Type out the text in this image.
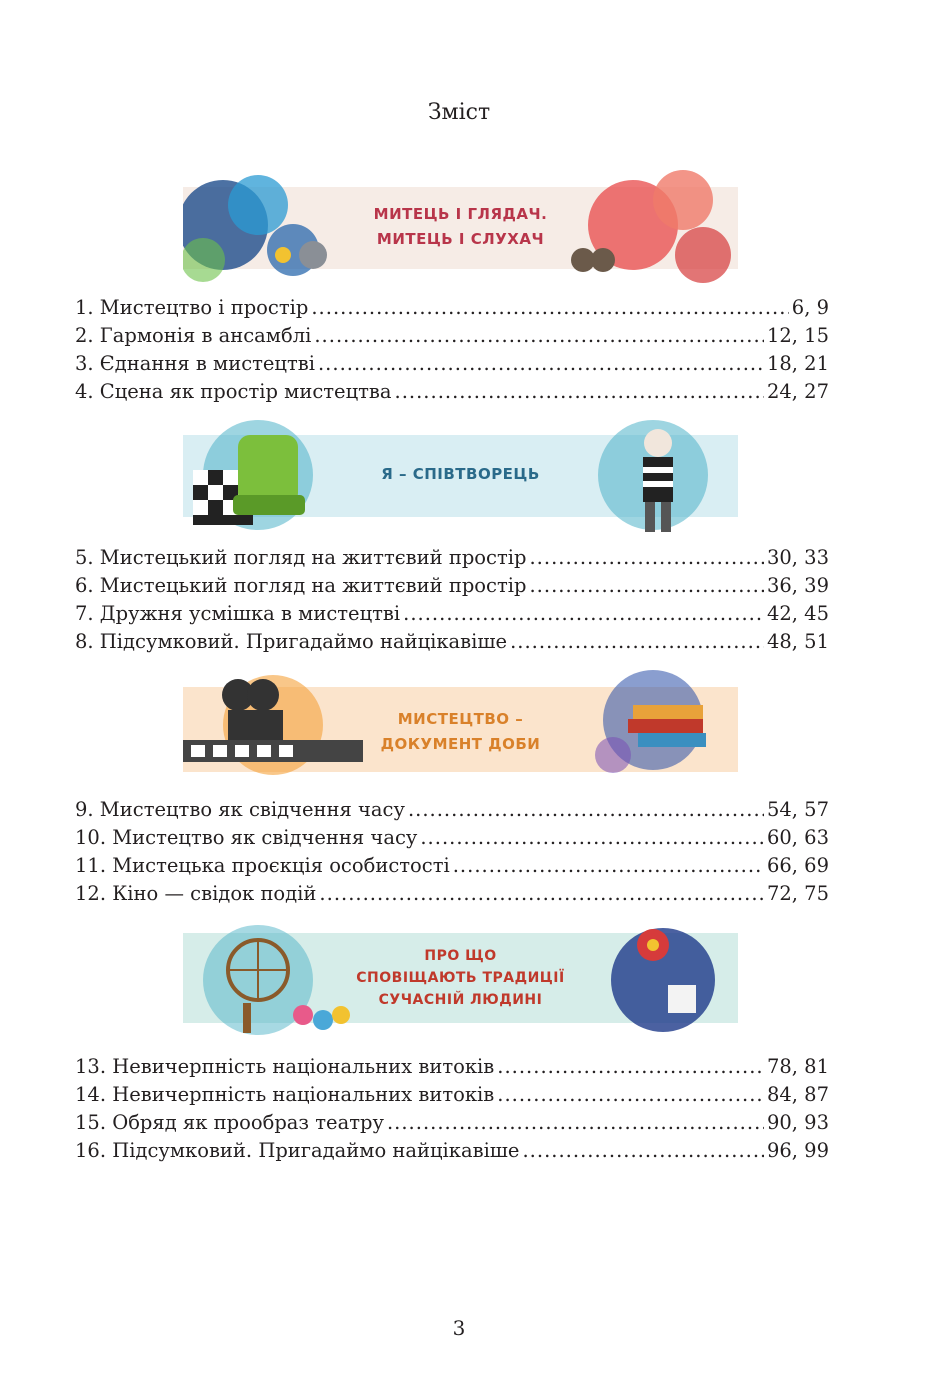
Зміст
МИТЕЦЬ І ГЛЯДАЧ.
МИТЕЦЬ І СЛУХАЧ
1. Мистецтво і простір .....	6, 9
2. Гармонія в ансамблі .....	12, 15
3. Єднання в мистецтві .....	18, 21
4. Сцена як простір мистецтва .....	24, 27
Я – СПІВТВОРЕЦЬ
5. Мистецький погляд на життєвий простір .....	30, 33
6. Мистецький погляд на життєвий простір .....	36, 39
7. Дружня усмішка в мистецтві .....	42, 45
8. Підсумковий. Пригадаймо найцікавіше .....	48, 51
МИСТЕЦТВО –
ДОКУМЕНТ ДОБИ
9. Мистецтво як свідчення часу .....	54, 57
10. Мистецтво як свідчення часу .....	60, 63
11. Мистецька проєкція особистості .....	66, 69
12. Кіно — свідок подій .....	72, 75
ПРО ЩО
СПОВІЩАЮТЬ ТРАДИЦІЇ
СУЧАСНІЙ ЛЮДИНІ
13. Невичерпність національних витоків .....	78, 81
14. Невичерпність національних витоків .....	84, 87
15. Обряд як прообраз театру .....	90, 93
16. Підсумковий. Пригадаймо найцікавіше .....	96, 99
3
